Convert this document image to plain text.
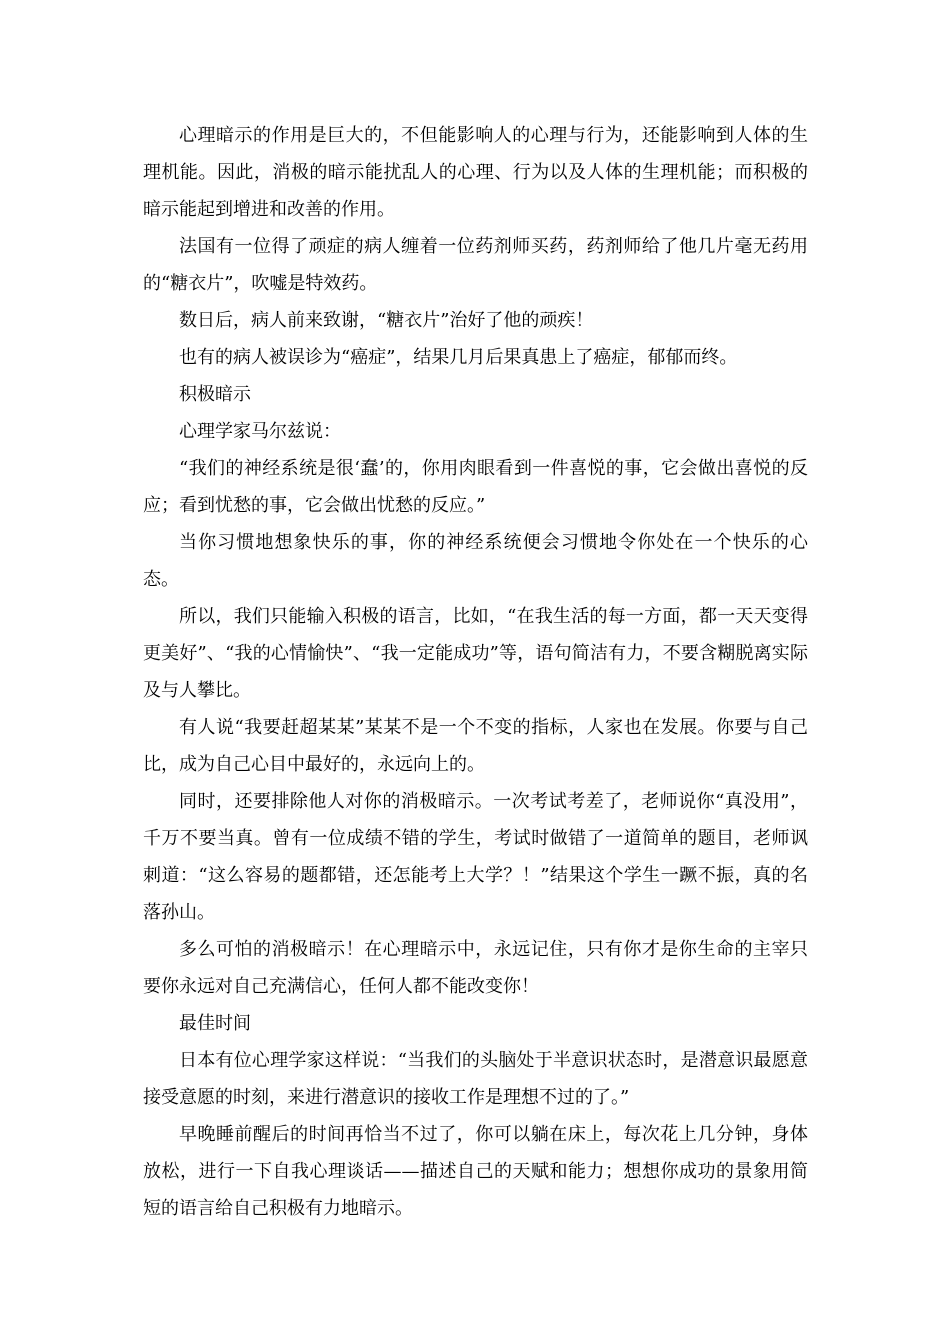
心理暗示的作用是巨大的，不但能影响人的心理与行为，还能影响到人体的生理机能。因此，消极的暗示能扰乱人的心理、行为以及人体的生理机能；而积极的暗示能起到增进和改善的作用。

法国有一位得了顽症的病人缠着一位药剂师买药，药剂师给了他几片毫无药用的“糖衣片”，吹嘘是特效药。

数日后，病人前来致谢，“糖衣片”治好了他的顽疾！

也有的病人被误诊为“癌症”，结果几月后果真患上了癌症，郁郁而终。

积极暗示

心理学家马尔兹说：

“我们的神经系统是很‘蠢’的，你用肉眼看到一件喜悦的事，它会做出喜悦的反应；看到忧愁的事，它会做出忧愁的反应。”

当你习惯地想象快乐的事，你的神经系统便会习惯地令你处在一个快乐的心态。

所以，我们只能输入积极的语言，比如，“在我生活的每一方面，都一天天变得更美好”、“我的心情愉快”、“我一定能成功”等，语句简洁有力，不要含糊脱离实际及与人攀比。

有人说“我要赶超某某”某某不是一个不变的指标，人家也在发展。你要与自己比，成为自己心目中最好的，永远向上的。

同时，还要排除他人对你的消极暗示。一次考试考差了，老师说你“真没用”，千万不要当真。曾有一位成绩不错的学生，考试时做错了一道简单的题目，老师讽刺道：“这么容易的题都错，还怎能考上大学？！”结果这个学生一蹶不振，真的名落孙山。

多么可怕的消极暗示！在心理暗示中，永远记住，只有你才是你生命的主宰只要你永远对自己充满信心，任何人都不能改变你！

最佳时间

日本有位心理学家这样说：“当我们的头脑处于半意识状态时，是潜意识最愿意接受意愿的时刻，来进行潜意识的接收工作是理想不过的了。”

早晚睡前醒后的时间再恰当不过了，你可以躺在床上，每次花上几分钟，身体放松，进行一下自我心理谈话——描述自己的天赋和能力；想想你成功的景象用简短的语言给自己积极有力地暗示。
